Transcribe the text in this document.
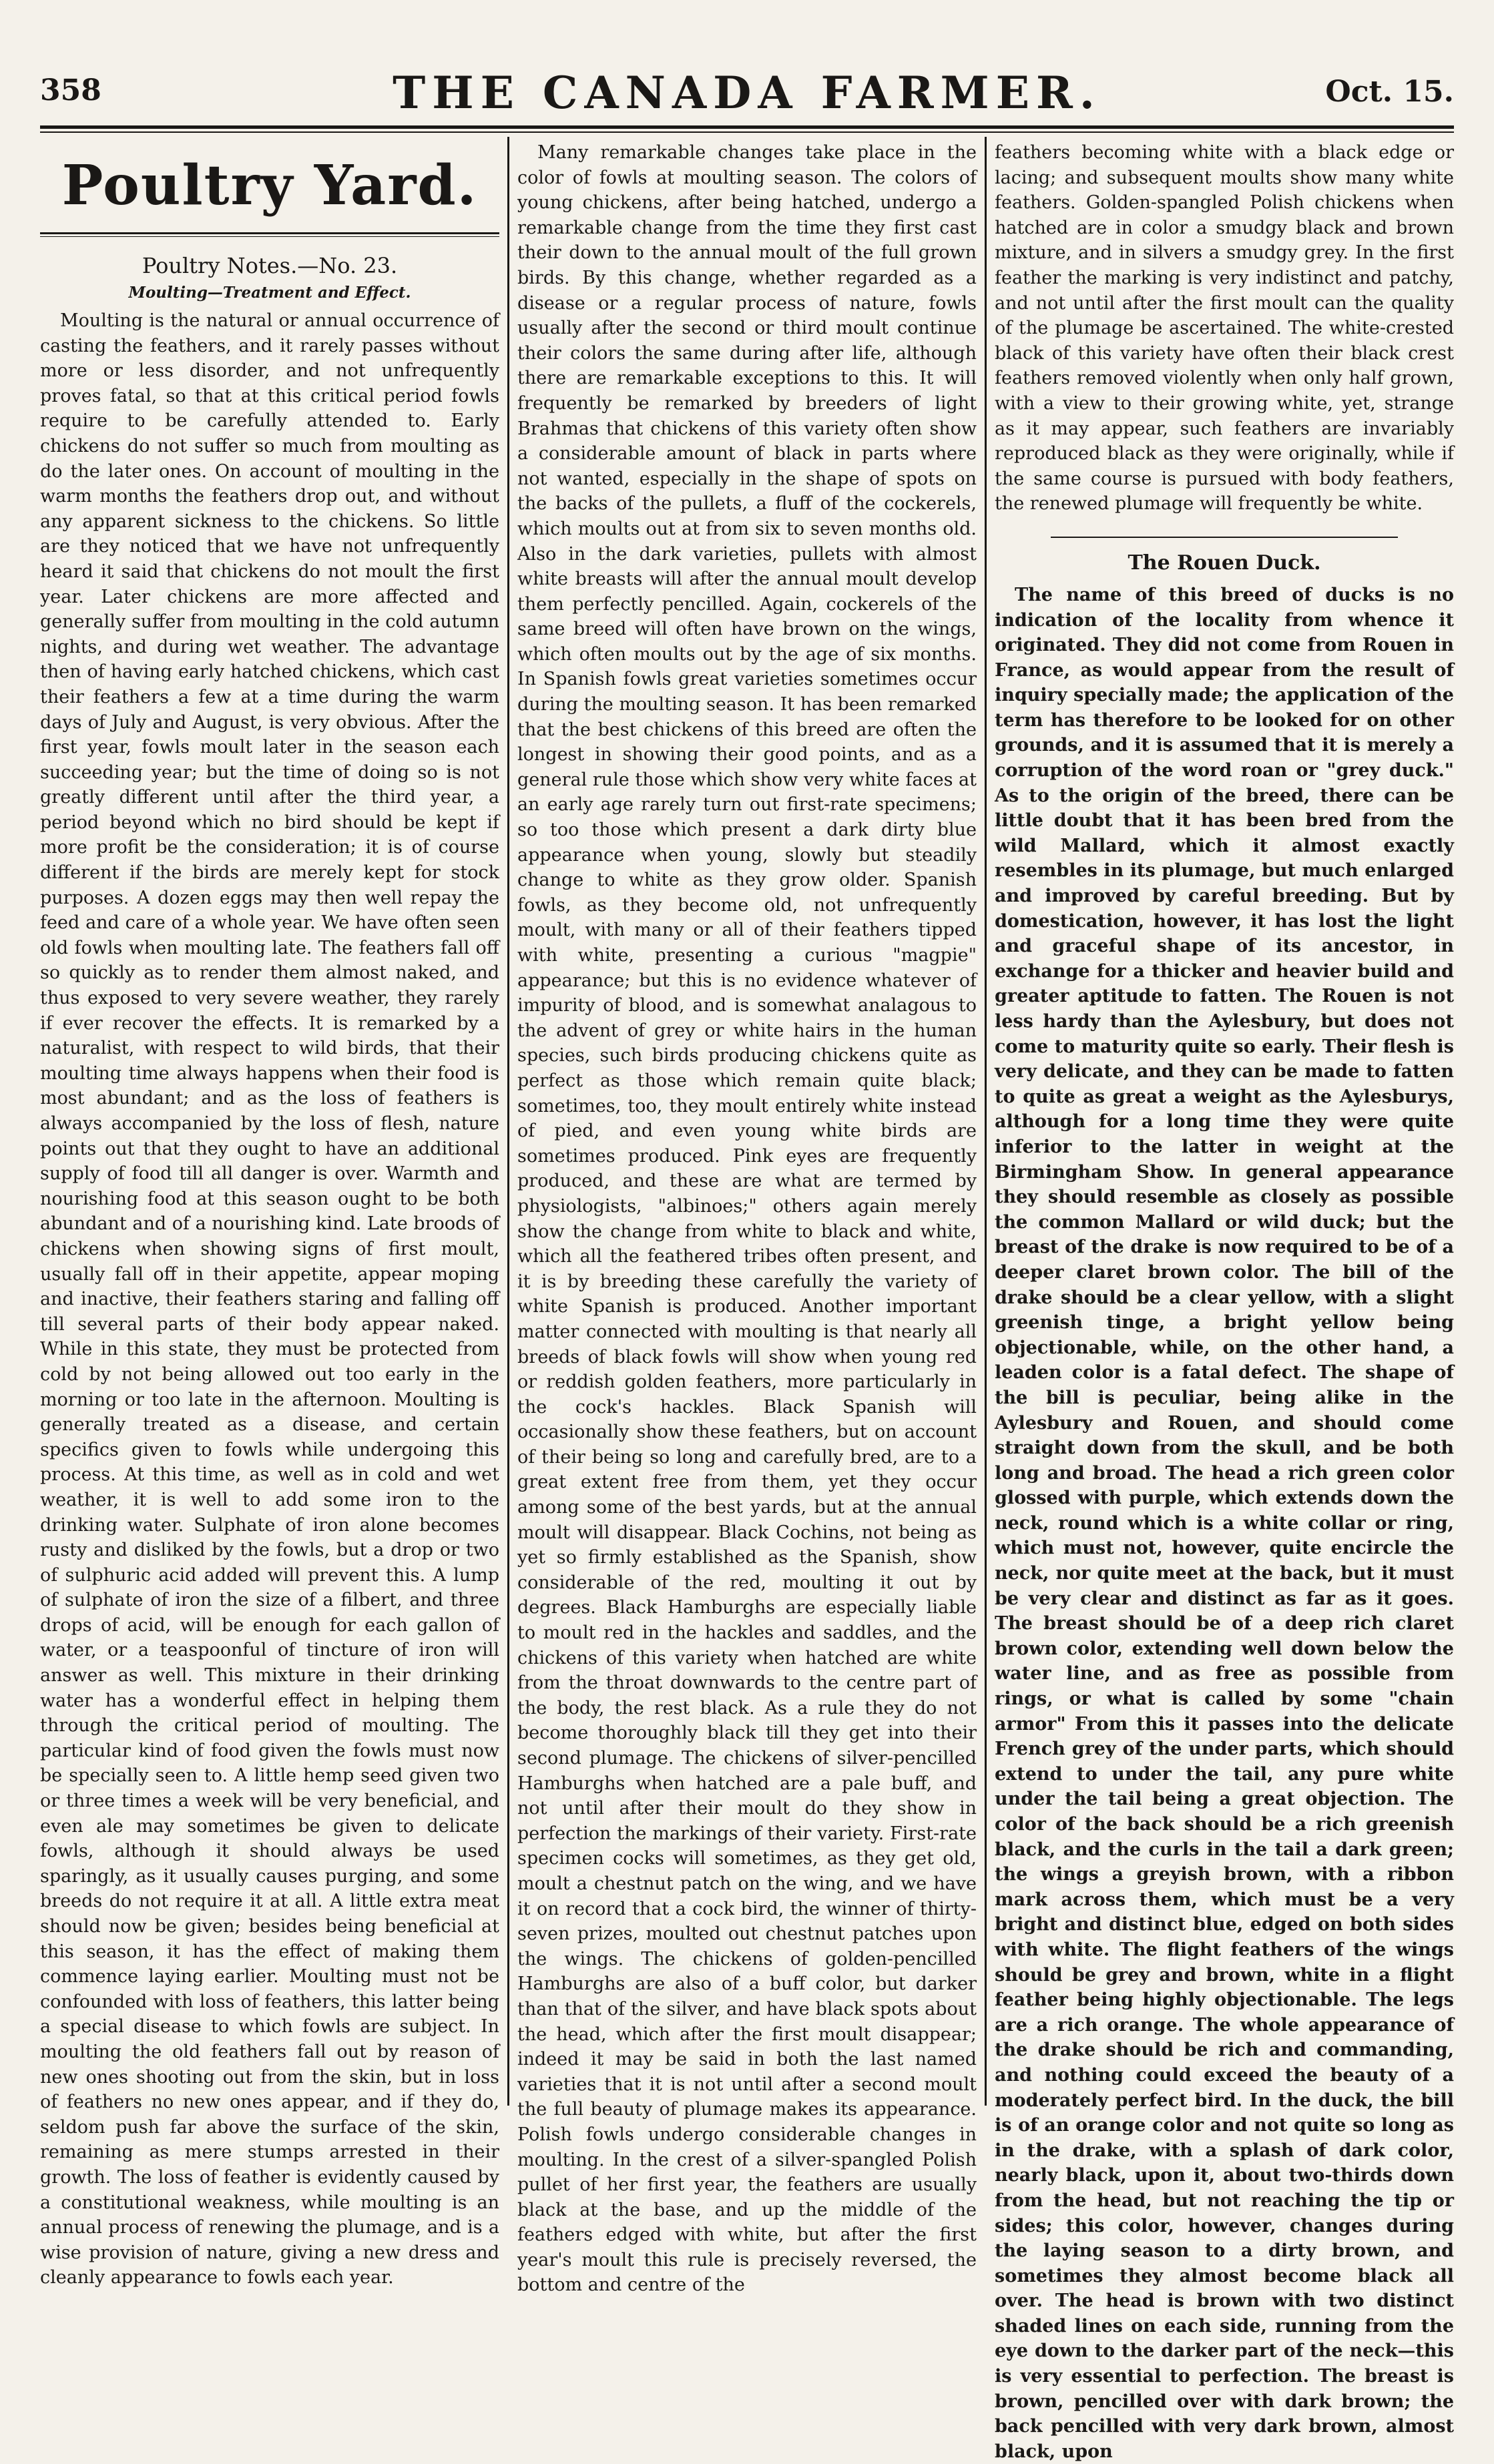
358	THE CANADA FARMER.	Oct. 15.
Poultry Yard.
Poultry Notes.—No. 23.
Moulting—Treatment and Effect.

Moulting is the natural or annual occurrence of casting the feathers, and it rarely passes without more or less disorder, and not unfrequently proves fatal, so that at this critical period fowls require to be carefully attended to. Early chickens do not suffer so much from moulting as do the later ones. On account of moulting in the warm months the feathers drop out, and without any apparent sickness to the chickens. So little are they noticed that we have not unfrequently heard it said that chickens do not moult the first year. Later chickens are more affected and generally suffer from moulting in the cold autumn nights, and during wet weather. The advantage then of having early hatched chickens, which cast their feathers a few at a time during the warm days of July and August, is very obvious. After the first year, fowls moult later in the season each succeeding year; but the time of doing so is not greatly different until after the third year, a period beyond which no bird should be kept if more profit be the consideration; it is of course different if the birds are merely kept for stock purposes. A dozen eggs may then well repay the feed and care of a whole year. We have often seen old fowls when moulting late. The feathers fall off so quickly as to render them almost naked, and thus exposed to very severe weather, they rarely if ever recover the effects. It is remarked by a naturalist, with respect to wild birds, that their moulting time always happens when their food is most abundant; and as the loss of feathers is always accompanied by the loss of flesh, nature points out that they ought to have an additional supply of food till all danger is over. Warmth and nourishing food at this season ought to be both abundant and of a nourishing kind. Late broods of chickens when showing signs of first moult, usually fall off in their appetite, appear moping and inactive, their feathers staring and falling off till several parts of their body appear naked. While in this state, they must be protected from cold by not being allowed out too early in the morning or too late in the afternoon. Moulting is generally treated as a disease, and certain specifics given to fowls while undergoing this process. At this time, as well as in cold and wet weather, it is well to add some iron to the drinking water. Sulphate of iron alone becomes rusty and disliked by the fowls, but a drop or two of sulphuric acid added will prevent this. A lump of sulphate of iron the size of a filbert, and three drops of acid, will be enough for each gallon of water, or a teaspoonful of tincture of iron will answer as well. This mixture in their drinking water has a wonderful effect in helping them through the critical period of moulting. The particular kind of food given the fowls must now be specially seen to. A little hemp seed given two or three times a week will be very beneficial, and even ale may sometimes be given to delicate fowls, although it should always be used sparingly, as it usually causes purging, and some breeds do not require it at all. A little extra meat should now be given; besides being beneficial at this season, it has the effect of making them commence laying earlier. Moulting must not be confounded with loss of feathers, this latter being a special disease to which fowls are subject. In moulting the old feathers fall out by reason of new ones shooting out from the skin, but in loss of feathers no new ones appear, and if they do, seldom push far above the surface of the skin, remaining as mere stumps arrested in their growth. The loss of feather is evidently caused by a constitutional weakness, while moulting is an annual process of renewing the plumage, and is a wise provision of nature, giving a new dress and cleanly appearance to fowls each year.

Many remarkable changes take place in the color of fowls at moulting season. The colors of young chickens, after being hatched, undergo a remarkable change from the time they first cast their down to the annual moult of the full grown birds. By this change, whether regarded as a disease or a regular process of nature, fowls usually after the second or third moult continue their colors the same during after life, although there are remarkable exceptions to this. It will frequently be remarked by breeders of light Brahmas that chickens of this variety often show a considerable amount of black in parts where not wanted, especially in the shape of spots on the backs of the pullets, a fluff of the cockerels, which moults out at from six to seven months old. Also in the dark varieties, pullets with almost white breasts will after the annual moult develop them perfectly pencilled. Again, cockerels of the same breed will often have brown on the wings, which often moults out by the age of six months. In Spanish fowls great varieties sometimes occur during the moulting season. It has been remarked that the best chickens of this breed are often the longest in showing their good points, and as a general rule those which show very white faces at an early age rarely turn out first-rate specimens; so too those which present a dark dirty blue appearance when young, slowly but steadily change to white as they grow older. Spanish fowls, as they become old, not unfrequently moult, with many or all of their feathers tipped with white, presenting a curious "magpie" appearance; but this is no evidence whatever of impurity of blood, and is somewhat analagous to the advent of grey or white hairs in the human species, such birds producing chickens quite as perfect as those which remain quite black; sometimes, too, they moult entirely white instead of pied, and even young white birds are sometimes produced. Pink eyes are frequently produced, and these are what are termed by physiologists, "albinoes;" others again merely show the change from white to black and white, which all the feathered tribes often present, and it is by breeding these carefully the variety of white Spanish is produced. Another important matter connected with moulting is that nearly all breeds of black fowls will show when young red or reddish golden feathers, more particularly in the cock's hackles. Black Spanish will occasionally show these feathers, but on account of their being so long and carefully bred, are to a great extent free from them, yet they occur among some of the best yards, but at the annual moult will disappear. Black Cochins, not being as yet so firmly established as the Spanish, show considerable of the red, moulting it out by degrees. Black Hamburghs are especially liable to moult red in the hackles and saddles, and the chickens of this variety when hatched are white from the throat downwards to the centre part of the body, the rest black. As a rule they do not become thoroughly black till they get into their second plumage. The chickens of silver-pencilled Hamburghs when hatched are a pale buff, and not until after their moult do they show in perfection the markings of their variety. First-rate specimen cocks will sometimes, as they get old, moult a chestnut patch on the wing, and we have it on record that a cock bird, the winner of thirty-seven prizes, moulted out chestnut patches upon the wings. The chickens of golden-pencilled Hamburghs are also of a buff color, but darker than that of the silver, and have black spots about the head, which after the first moult disappear; indeed it may be said in both the last named varieties that it is not until after a second moult the full beauty of plumage makes its appearance. Polish fowls undergo considerable changes in moulting. In the crest of a silver-spangled Polish pullet of her first year, the feathers are usually black at the base, and up the middle of the feathers edged with white, but after the first year's moult this rule is precisely reversed, the bottom and centre of the

feathers becoming white with a black edge or lacing; and subsequent moults show many white feathers. Golden-spangled Polish chickens when hatched are in color a smudgy black and brown mixture, and in silvers a smudgy grey. In the first feather the marking is very indistinct and patchy, and not until after the first moult can the quality of the plumage be ascertained. The white-crested black of this variety have often their black crest feathers removed violently when only half grown, with a view to their growing white, yet, strange as it may appear, such feathers are invariably reproduced black as they were originally, while if the same course is pursued with body feathers, the renewed plumage will frequently be white.

The Rouen Duck.

The name of this breed of ducks is no indication of the locality from whence it originated. They did not come from Rouen in France, as would appear from the result of inquiry specially made; the application of the term has therefore to be looked for on other grounds, and it is assumed that it is merely a corruption of the word roan or "grey duck." As to the origin of the breed, there can be little doubt that it has been bred from the wild Mallard, which it almost exactly resembles in its plumage, but much enlarged and improved by careful breeding. But by domestication, however, it has lost the light and graceful shape of its ancestor, in exchange for a thicker and heavier build and greater aptitude to fatten. The Rouen is not less hardy than the Aylesbury, but does not come to maturity quite so early. Their flesh is very delicate, and they can be made to fatten to quite as great a weight as the Aylesburys, although for a long time they were quite inferior to the latter in weight at the Birmingham Show. In general appearance they should resemble as closely as possible the common Mallard or wild duck; but the breast of the drake is now required to be of a deeper claret brown color. The bill of the drake should be a clear yellow, with a slight greenish tinge, a bright yellow being objectionable, while, on the other hand, a leaden color is a fatal defect. The shape of the bill is peculiar, being alike in the Aylesbury and Rouen, and should come straight down from the skull, and be both long and broad. The head a rich green color glossed with purple, which extends down the neck, round which is a white collar or ring, which must not, however, quite encircle the neck, nor quite meet at the back, but it must be very clear and distinct as far as it goes. The breast should be of a deep rich claret brown color, extending well down below the water line, and as free as possible from rings, or what is called by some "chain armor" From this it passes into the delicate French grey of the under parts, which should extend to under the tail, any pure white under the tail being a great objection. The color of the back should be a rich greenish black, and the curls in the tail a dark green; the wings a greyish brown, with a ribbon mark across them, which must be a very bright and distinct blue, edged on both sides with white. The flight feathers of the wings should be grey and brown, white in a flight feather being highly objectionable. The legs are a rich orange. The whole appearance of the drake should be rich and commanding, and nothing could exceed the beauty of a moderately perfect bird. In the duck, the bill is of an orange color and not quite so long as in the drake, with a splash of dark color, nearly black, upon it, about two-thirds down from the head, but not reaching the tip or sides; this color, however, changes during the laying season to a dirty brown, and sometimes they almost become black all over. The head is brown with two distinct shaded lines on each side, running from the eye down to the darker part of the neck—this is very essential to perfection. The breast is brown, pencilled over with dark brown; the back pencilled with very dark brown, almost black, upon
